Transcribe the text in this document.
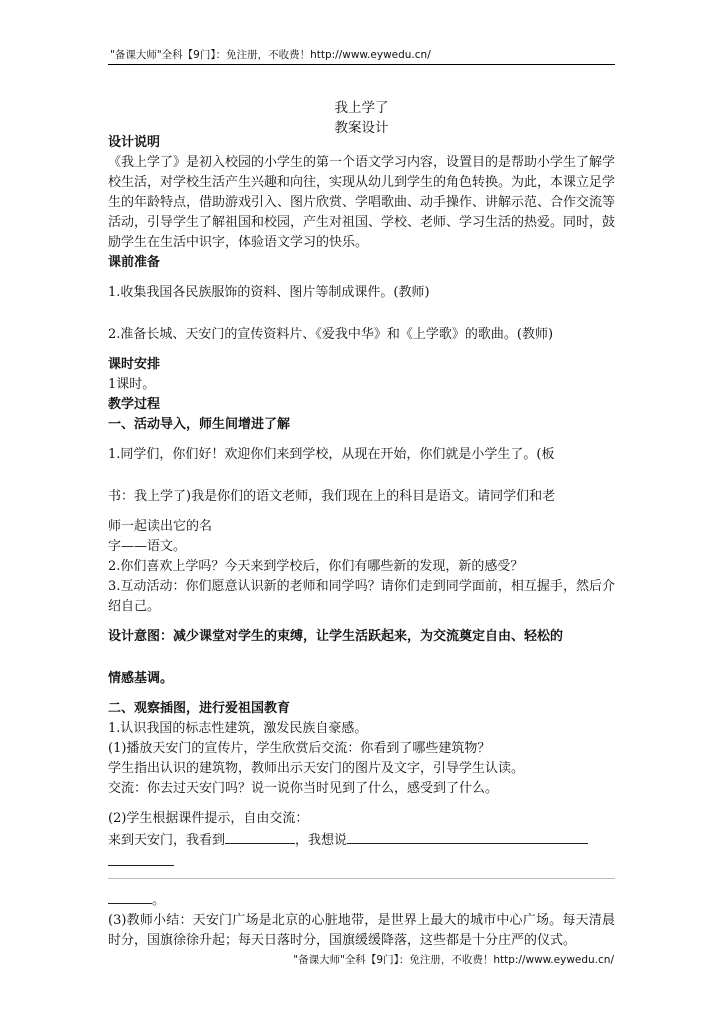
"备课大师"全科【9门】：免注册，不收费！http://www.eywedu.cn/
我上学了
教案设计

设计说明

《我上学了》是初入校园的小学生的第一个语文学习内容，设置目的是帮助小学生了解学校生活，对学校生活产生兴趣和向往，实现从幼儿到学生的角色转换。为此，本课立足学生的年龄特点，借助游戏引入、图片欣赏、学唱歌曲、动手操作、讲解示范、合作交流等活动，引导学生了解祖国和校园，产生对祖国、学校、老师、学习生活的热爱。同时，鼓励学生在生活中识字，体验语文学习的快乐。

课前准备

1.收集我国各民族服饰的资料、图片等制成课件。(教师)

2.准备长城、天安门的宣传资料片、《爱我中华》和《上学歌》的歌曲。(教师)

课时安排

1课时。

教学过程

一、活动导入，师生间增进了解

1.同学们，你们好！欢迎你们来到学校，从现在开始，你们就是小学生了。(板

书：我上学了)我是你们的语文老师，我们现在上的科目是语文。请同学们和老

师一起读出它的名

字——语文。

2.你们喜欢上学吗？今天来到学校后，你们有哪些新的发现，新的感受？

3.互动活动：你们愿意认识新的老师和同学吗？请你们走到同学面前，相互握手，然后介绍自己。

设计意图：减少课堂对学生的束缚，让学生活跃起来，为交流奠定自由、轻松的

情感基调。

二、观察插图，进行爱祖国教育

1.认识我国的标志性建筑，激发民族自豪感。

(1)播放天安门的宣传片，学生欣赏后交流：你看到了哪些建筑物？

学生指出认识的建筑物，教师出示天安门的图片及文字，引导学生认读。

交流：你去过天安门吗？说一说你当时见到了什么，感受到了什么。

(2)学生根据课件提示，自由交流：

来到天安门，我看到	，我想说

。

(3)教师小结：天安门广场是北京的心脏地带，是世界上最大的城市中心广场。每天清晨时分，国旗徐徐升起；每天日落时分，国旗缓缓降落，这些都是十分庄严的仪式。

"备课大师"全科【9门】：免注册，不收费！http://www.eywedu.cn/
